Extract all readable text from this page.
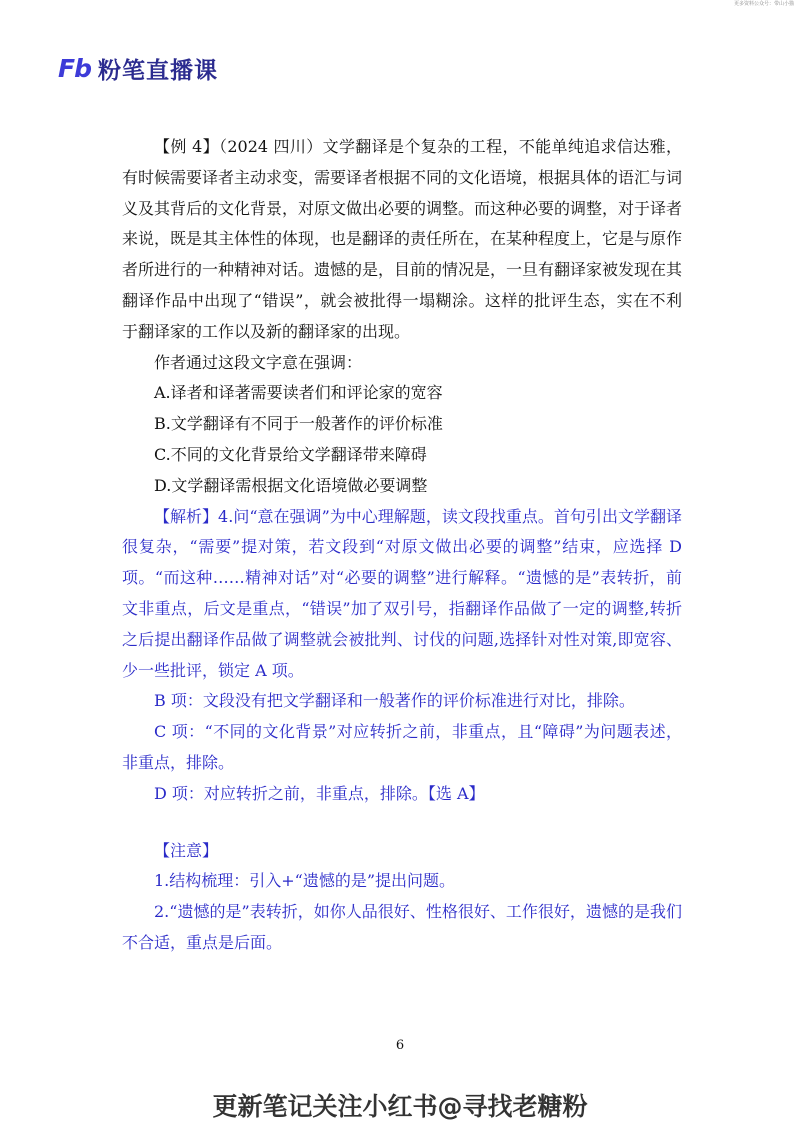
更多资料公众号：带山小猫
Fb 粉笔直播课

【例 4】（2024 四川）文学翻译是个复杂的工程，不能单纯追求信达雅，有时候需要译者主动求变，需要译者根据不同的文化语境，根据具体的语汇与词义及其背后的文化背景，对原文做出必要的调整。而这种必要的调整，对于译者来说，既是其主体性的体现，也是翻译的责任所在，在某种程度上，它是与原作者所进行的一种精神对话。遗憾的是，目前的情况是，一旦有翻译家被发现在其翻译作品中出现了“错误”，就会被批得一塌糊涂。这样的批评生态，实在不利于翻译家的工作以及新的翻译家的出现。

作者通过这段文字意在强调：

A.译者和译著需要读者们和评论家的宽容

B.文学翻译有不同于一般著作的评价标准

C.不同的文化背景给文学翻译带来障碍

D.文学翻译需根据文化语境做必要调整

【解析】4.问“意在强调”为中心理解题，读文段找重点。首句引出文学翻译很复杂，“需要”提对策，若文段到“对原文做出必要的调整”结束，应选择 D 项。“而这种……精神对话”对“必要的调整”进行解释。“遗憾的是”表转折，前文非重点，后文是重点，“错误”加了双引号，指翻译作品做了一定的调整,转折之后提出翻译作品做了调整就会被批判、讨伐的问题,选择针对性对策,即宽容、少一些批评，锁定 A 项。

B 项：文段没有把文学翻译和一般著作的评价标准进行对比，排除。

C 项：“不同的文化背景”对应转折之前，非重点，且“障碍”为问题表述，非重点，排除。

D 项：对应转折之前，非重点，排除。【选 A】

【注意】

1.结构梳理：引入+“遗憾的是”提出问题。

2.“遗憾的是”表转折，如你人品很好、性格很好、工作很好，遗憾的是我们不合适，重点是后面。

6
更新笔记关注小红书@寻找老糖粉
